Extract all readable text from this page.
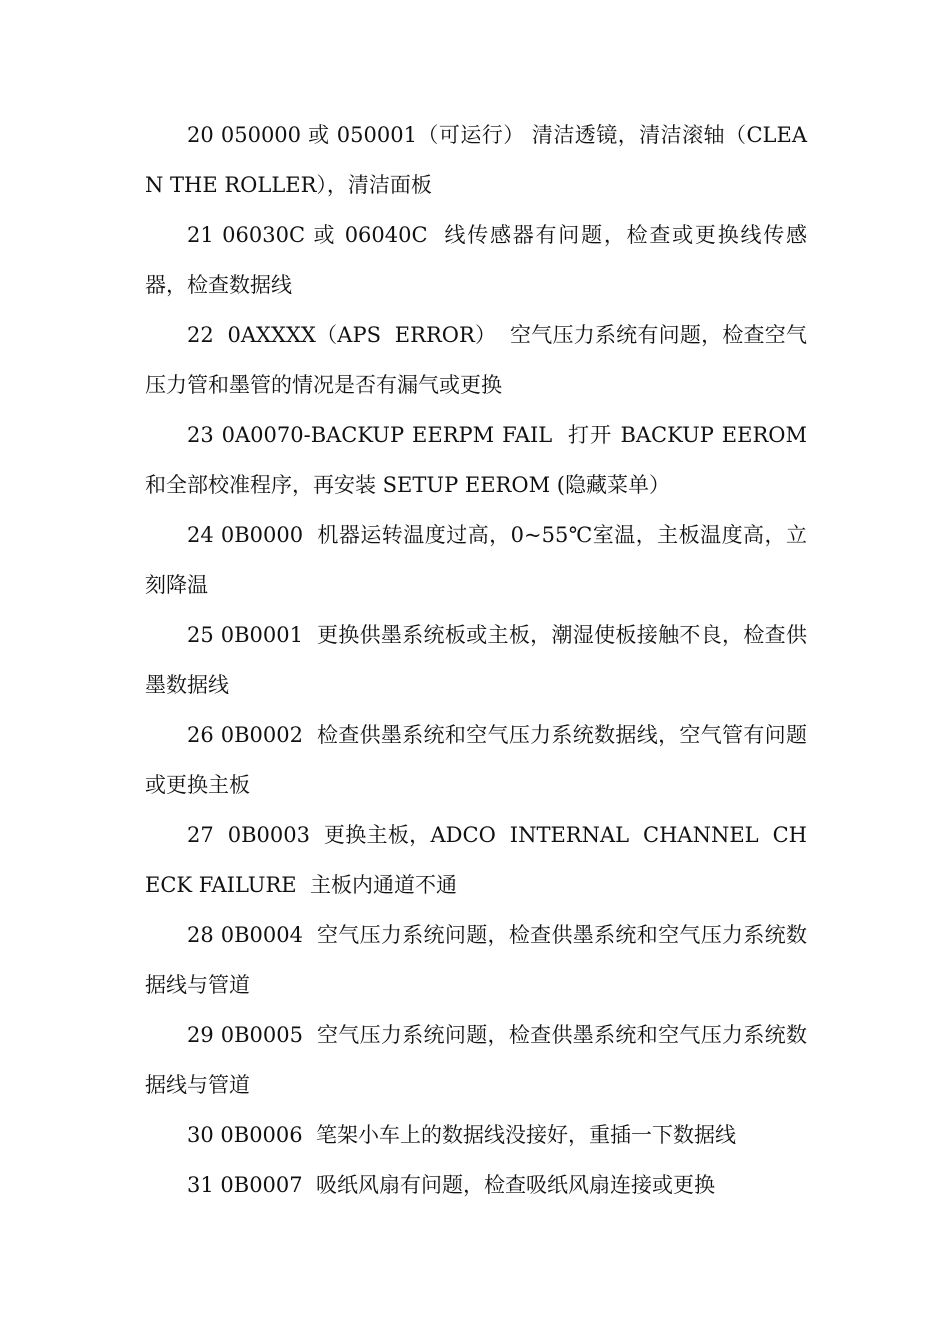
20 050000 或 050001（可运行） 清洁透镜，清洁滚轴（CLEAN THE ROLLER），清洁面板

21 06030C 或 06040C  线传感器有问题，检查或更换线传感器，检查数据线

22  0AXXXX（APS  ERROR）  空气压力系统有问题，检查空气压力管和墨管的情况是否有漏气或更换

23 0A0070-BACKUP EERPM FAIL  打开 BACKUP EEROM 和全部校准程序，再安装 SETUP EEROM (隐藏菜单）

24 0B0000  机器运转温度过高，0~55℃室温，主板温度高，立刻降温

25 0B0001  更换供墨系统板或主板，潮湿使板接触不良，检查供墨数据线

26 0B0002  检查供墨系统和空气压力系统数据线，空气管有问题或更换主板

27  0B0003  更换主板，ADCO  INTERNAL  CHANNEL  CHECK FAILURE  主板内通道不通

28 0B0004  空气压力系统问题，检查供墨系统和空气压力系统数据线与管道

29 0B0005  空气压力系统问题，检查供墨系统和空气压力系统数据线与管道

30 0B0006  笔架小车上的数据线没接好，重插一下数据线

31 0B0007  吸纸风扇有问题，检查吸纸风扇连接或更换
